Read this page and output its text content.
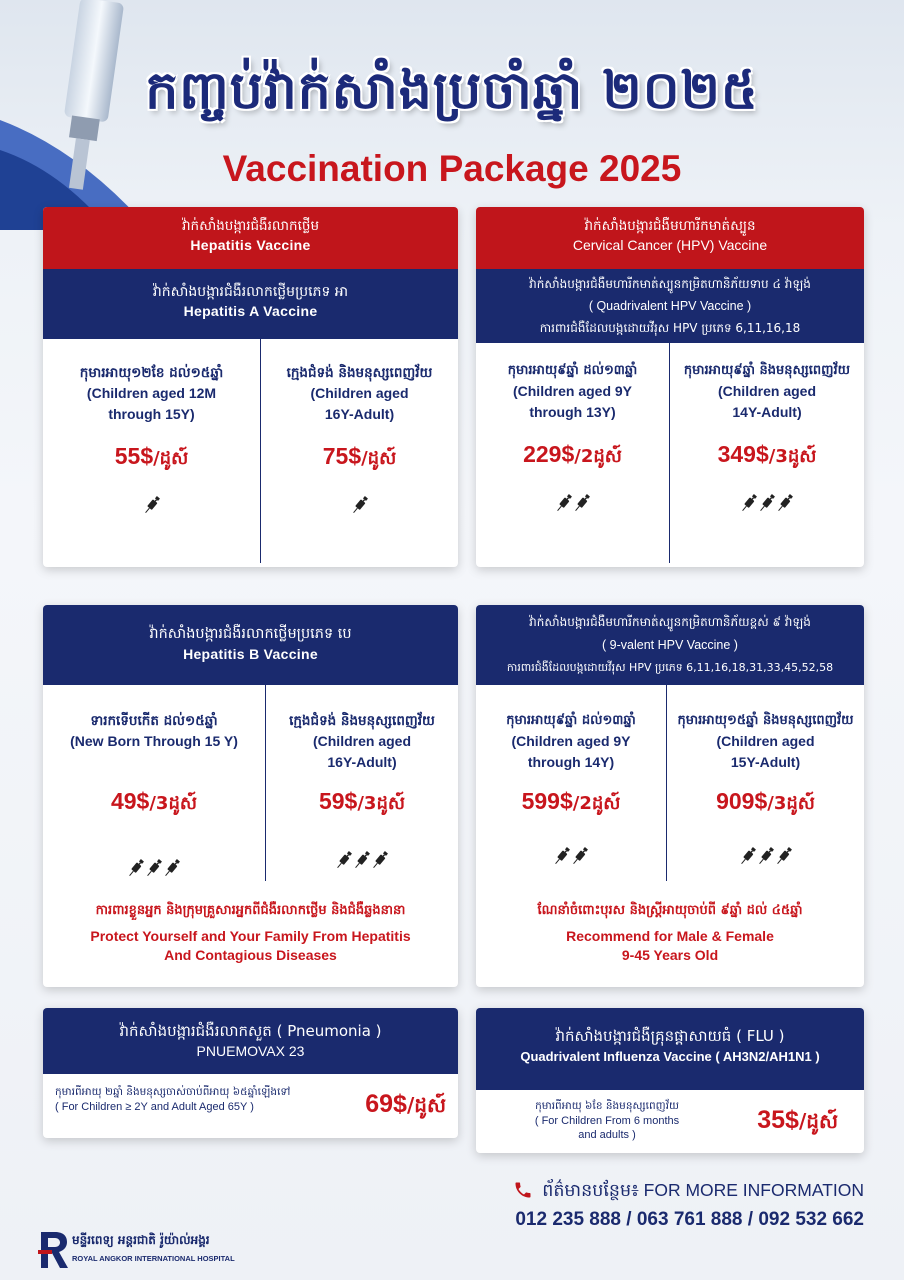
កញ្ចប់វ៉ាក់សាំងប្រចាំឆ្នាំ ២០២៥
Vaccination Package 2025
វ៉ាក់សាំងបង្ការជំងឺរលាកថ្លើម
Hepatitis Vaccine
វ៉ាក់សាំងបង្ការជំងឺរលាកថ្លើមប្រភេទ អា
Hepatitis A Vaccine
កុមារអាយុ១២ខែ ដល់១៥ឆ្នាំ
(Children aged 12M
through 15Y)
55$/ដូស៍
ក្មេងជំទង់ និងមនុស្សពេញវ័យ
(Children aged
16Y-Adult)
75$/ដូស៍
វ៉ាក់សាំងបង្ការជំងឺមហារីកមាត់ស្បូន
Cervical Cancer (HPV) Vaccine
វ៉ាក់សាំងបង្ការជំងឺមហារីកមាត់ស្បូនកម្រិតហានិភ័យទាប ៤ វ៉ាឡង់
( Quadrivalent HPV Vaccine )
ការពារជំងឺដែលបង្កដោយវីរុស HPV ប្រភេទ 6,11,16,18
កុមារអាយុ៩ឆ្នាំ ដល់១៣ឆ្នាំ
(Children aged 9Y
through 13Y)
229$/2ដូស៍
កុមារអាយុ៩ឆ្នាំ និងមនុស្សពេញវ័យ
(Children aged
14Y-Adult)
349$/3ដូស៍
វ៉ាក់សាំងបង្ការជំងឺរលាកថ្លើមប្រភេទ បេ
Hepatitis B Vaccine
ទារកទើបកើត ដល់១៥ឆ្នាំ
(New Born Through 15 Y)
49$/3ដូស៍
ក្មេងជំទង់ និងមនុស្សពេញវ័យ
(Children aged
16Y-Adult)
59$/3ដូស៍
ការពារខ្លួនអ្នក និងក្រុមគ្រួសារអ្នកពីជំងឺរលាកថ្លើម និងជំងឺឆ្លងនានា
Protect Yourself and Your Family From Hepatitis
And Contagious Diseases
វ៉ាក់សាំងបង្ការជំងឺមហារីកមាត់ស្បូនកម្រិតហានិភ័យខ្ពស់ ៩ វ៉ាឡង់
( 9-valent HPV Vaccine )
ការពារជំងឺដែលបង្កដោយវីរុស HPV ប្រភេទ 6,11,16,18,31,33,45,52,58
កុមារអាយុ៩ឆ្នាំ ដល់១៣ឆ្នាំ
(Children aged 9Y
through 14Y)
599$/2ដូស៍
កុមារអាយុ១៥ឆ្នាំ និងមនុស្សពេញវ័យ
(Children aged
15Y-Adult)
909$/3ដូស៍
ណែនាំចំពោះបុរស និងស្ត្រីអាយុចាប់ពី ៩ឆ្នាំ ដល់ ៤៥ឆ្នាំ
Recommend for Male & Female
9-45 Years Old
វ៉ាក់សាំងបង្ការជំងឺរលាកសួត ( Pneumonia )
PNUEMOVAX 23
កុមារពីអាយុ ២ឆ្នាំ និងមនុស្សចាស់ចាប់ពីអាយុ ៦៥ឆ្នាំឡើងទៅ
( For Children ≥ 2Y and Adult Aged 65Y )	69$/ដូស៍
វ៉ាក់សាំងបង្ការជំងឺគ្រុនផ្តាសាយធំ ( FLU )
Quadrivalent Influenza Vaccine ( AH3N2/AH1N1 )
កុមារពីអាយុ ៦ខែ និងមនុស្សពេញវ័យ
( For Children From 6 months
and adults )
35$/ដូស៍
ព័ត៌មានបន្ថែម៖ FOR MORE INFORMATION
012 235 888 / 063 761 888 / 092 532 662
មន្ទីរពេទ្យ អន្តរជាតិ រ៉ូយ៉ាល់អង្គរ
ROYAL ANGKOR INTERNATIONAL HOSPITAL
